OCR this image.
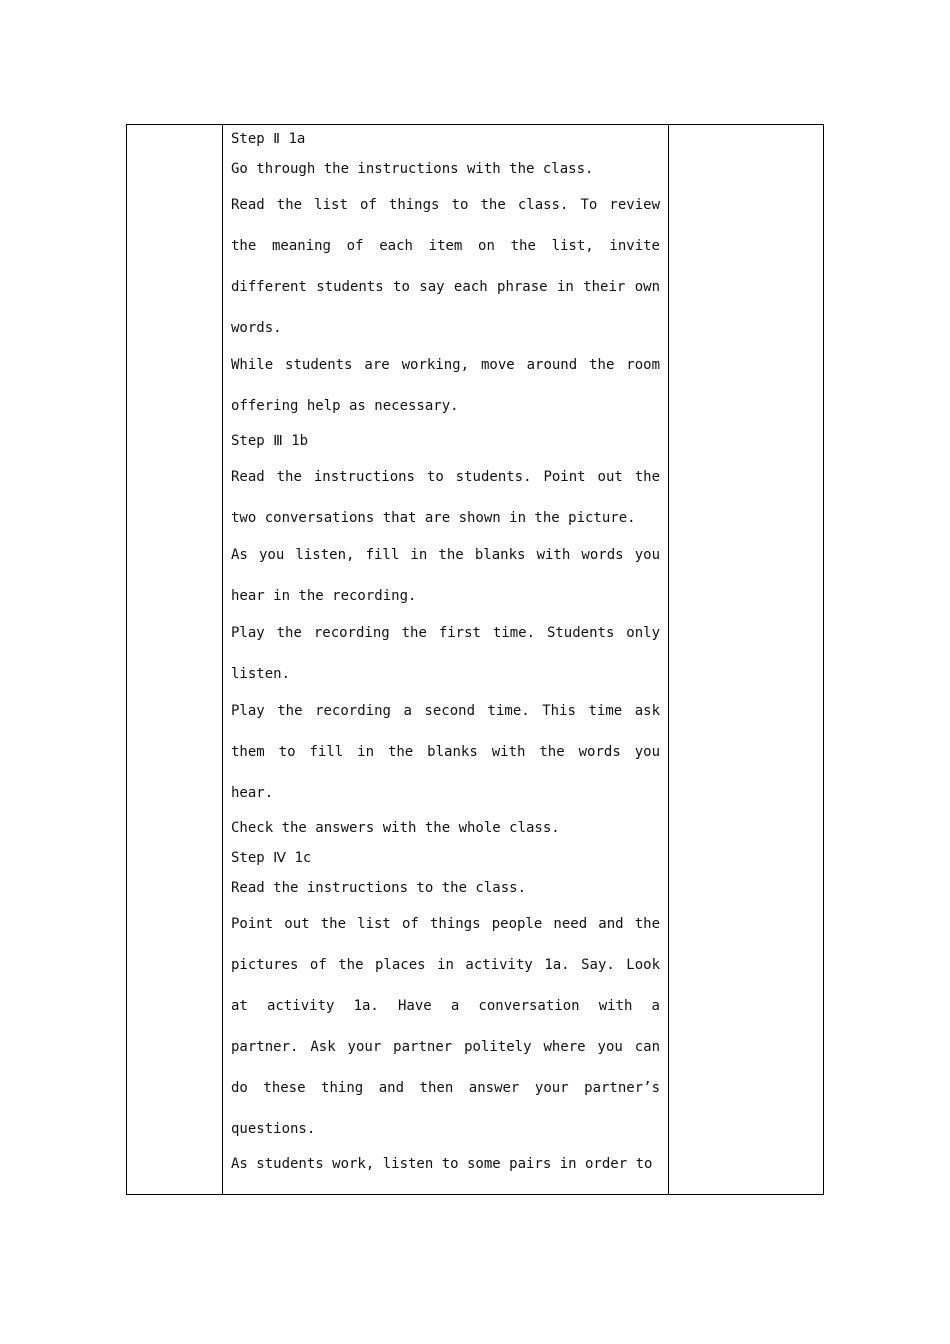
Step Ⅱ 1a

Go through the instructions with the class.

Read the list of things to the class. To review the meaning of each item on the list, invite different students to say each phrase in their own words.

While students are working, move around the room offering help as necessary.

Step Ⅲ 1b

Read the instructions to students. Point out the two conversations that are shown in the picture.

As you listen, fill in the blanks with words you hear in the recording.

Play the recording the first time. Students only listen.

Play the recording a second time. This time ask them to fill in the blanks with the words you hear.

Check the answers with the whole class.

Step Ⅳ 1c

Read the instructions to the class.

Point out the list of things people need and the pictures of the places in activity 1a. Say. Look at activity 1a. Have a conversation with a partner. Ask your partner politely where you can do these thing and then answer your partner’s questions.

As students work, listen to some pairs in order to
